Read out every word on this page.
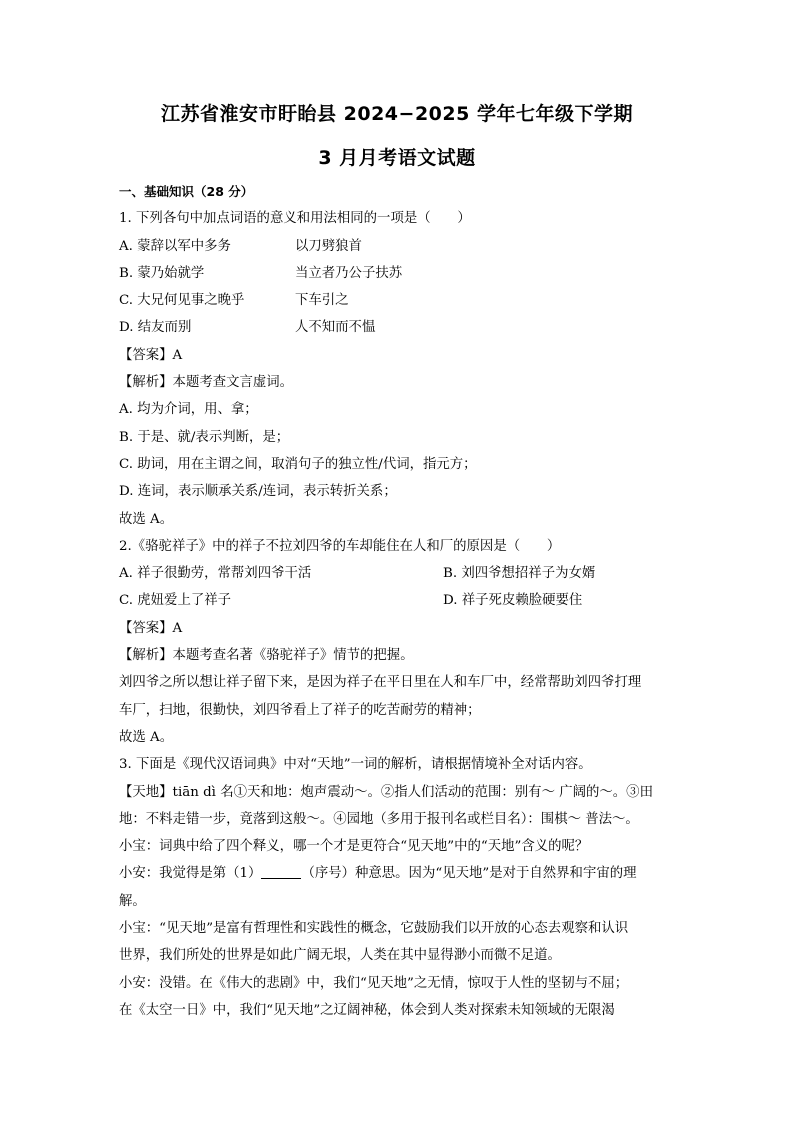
江苏省淮安市盱眙县 2024−2025 学年七年级下学期
3 月月考语文试题
一、基础知识（28 分）
1. 下列各句中加点词语的意义和用法相同的一项是（　　）
A. 蒙辞以军中多务	以刀劈狼首
B. 蒙乃始就学	当立者乃公子扶苏
C. 大兄何见事之晚乎	下车引之
D. 结友而别	人不知而不愠
【答案】A
【解析】本题考查文言虚词。
A. 均为介词，用、拿；
B. 于是、就/表示判断，是；
C. 助词，用在主谓之间，取消句子的独立性/代词，指元方；
D. 连词，表示顺承关系/连词，表示转折关系；
故选 A。
2.《骆驼祥子》中的祥子不拉刘四爷的车却能住在人和厂的原因是（　　）
A. 祥子很勤劳，常帮刘四爷干活	B. 刘四爷想招祥子为女婿
C. 虎妞爱上了祥子	D. 祥子死皮赖脸硬要住
【答案】A
【解析】本题考查名著《骆驼祥子》情节的把握。
刘四爷之所以想让祥子留下来，是因为祥子在平日里在人和车厂中，经常帮助刘四爷打理
车厂，扫地，很勤快，刘四爷看上了祥子的吃苦耐劳的精神；
故选 A。
3. 下面是《现代汉语词典》中对“天地”一词的解析，请根据情境补全对话内容。
【天地】tiān dì 名①天和地：炮声震动～。②指人们活动的范围：别有～ 广阔的～。③田
地：不料走错一步，竟落到这般～。④园地（多用于报刊名或栏目名）：围棋～ 普法～。
小宝：词典中给了四个释义，哪一个才是更符合“见天地”中的“天地”含义的呢？
小安：我觉得是第（1）	（序号）种意思。因为“见天地”是对于自然界和宇宙的理
解。
小宝：“见天地”是富有哲理性和实践性的概念，它鼓励我们以开放的心态去观察和认识
世界，我们所处的世界是如此广阔无垠，人类在其中显得渺小而微不足道。
小安：没错。在《伟大的悲剧》中，我们“见天地”之无情，惊叹于人性的坚韧与不屈；
在《太空一日》中，我们“见天地”之辽阔神秘，体会到人类对探索未知领域的无限渴
